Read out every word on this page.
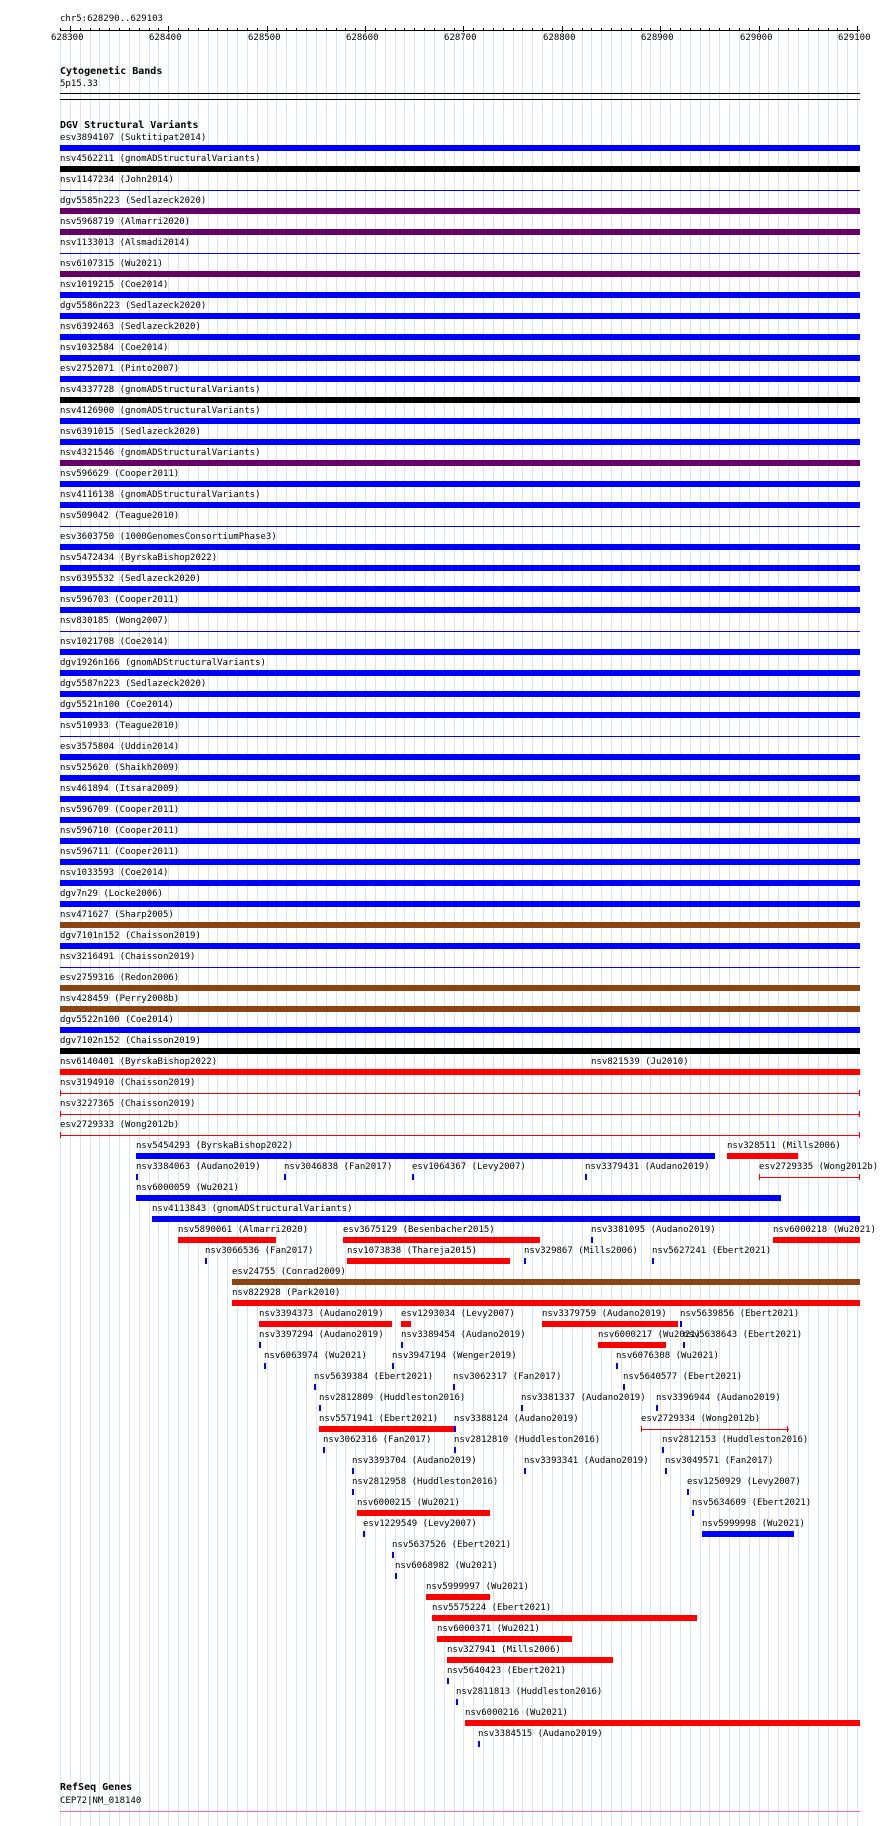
chr5:628290..629103
Cytogenetic Bands
5p15.33
DGV Structural Variants
RefSeq Genes
CEP72|NM_018140
628300	628400	628500	628600	628700	628800	628900	629000	629100
esv3894107 (Suktitipat2014)
nsv4562211 (gnomADStructuralVariants)
nsv1147234 (John2014)
dgv5585n223 (Sedlazeck2020)
nsv5968719 (Almarri2020)
nsv1133013 (Alsmadi2014)
nsv6107315 (Wu2021)
nsv1019215 (Coe2014)
dgv5586n223 (Sedlazeck2020)
nsv6392463 (Sedlazeck2020)
nsv1032584 (Coe2014)
esv2752071 (Pinto2007)
nsv4337728 (gnomADStructuralVariants)
nsv4126900 (gnomADStructuralVariants)
nsv6391015 (Sedlazeck2020)
nsv4321546 (gnomADStructuralVariants)
nsv596629 (Cooper2011)
nsv4116138 (gnomADStructuralVariants)
nsv509042 (Teague2010)
esv3603750 (1000GenomesConsortiumPhase3)
nsv5472434 (ByrskaBishop2022)
nsv6395532 (Sedlazeck2020)
nsv596703 (Cooper2011)
nsv830185 (Wong2007)
nsv1021708 (Coe2014)
dgv1926n166 (gnomADStructuralVariants)
dgv5587n223 (Sedlazeck2020)
dgv5521n100 (Coe2014)
nsv510933 (Teague2010)
esv3575804 (Uddin2014)
nsv525620 (Shaikh2009)
nsv461894 (Itsara2009)
nsv596709 (Cooper2011)
nsv596710 (Cooper2011)
nsv596711 (Cooper2011)
nsv1033593 (Coe2014)
dgv7n29 (Locke2006)
nsv471627 (Sharp2005)
dgv7101n152 (Chaisson2019)
nsv3216491 (Chaisson2019)
esv2759316 (Redon2006)
nsv428459 (Perry2008b)
dgv5522n100 (Coe2014)
dgv7102n152 (Chaisson2019)
nsv6140401 (ByrskaBishop2022)	nsv821539 (Ju2010)
nsv3194910 (Chaisson2019)
nsv3227365 (Chaisson2019)
esv2729333 (Wong2012b)
nsv5454293 (ByrskaBishop2022)	nsv328511 (Mills2006)
nsv3384063 (Audano2019)	nsv3046838 (Fan2017) esv1064367 (Levy2007)	nsv3379431 (Audano2019)	esv2729335 (Wong2012b)
nsv6000059 (Wu2021)
nsv4113843 (gnomADStructuralVariants)
nsv5890061 (Almarri2020)	esv3675129 (Besenbacher2015)	nsv3381095 (Audano2019)	nsv6000218 (Wu2021)
nsv3066536 (Fan2017)	nsv1073838 (Thareja2015)	nsv329867 (Mills2006) nsv5627241 (Ebert2021)
esv24755 (Conrad2009)
nsv822928 (Park2010)
nsv3394373 (Audano2019) esv1293034 (Levy2007)	nsv3379759 (Audano2019) nsv5639856 (Ebert2021)
nsv3397294 (Audano2019) nsv3389454 (Audano2019)	nsv6000217 (Wu2021)
nsv5638643 (Ebert2021)
nsv6063974 (Wu2021)	nsv3947194 (Wenger2019)	nsv6076308 (Wu2021)
nsv5639384 (Ebert2021) nsv3062317 (Fan2017)	nsv5640577 (Ebert2021)
nsv2812809 (Huddleston2016)	nsv3381337 (Audano2019) nsv3396944 (Audano2019)
nsv5571941 (Ebert2021) nsv3388124 (Audano2019)	esv2729334 (Wong2012b)
nsv3062316 (Fan2017)	nsv2812810 (Huddleston2016)	nsv2812153 (Huddleston2016)
nsv3393704 (Audano2019)	nsv3393341 (Audano2019) nsv3049571 (Fan2017)
nsv2812958 (Huddleston2016)	esv1250929 (Levy2007)
nsv6000215 (Wu2021)	nsv5634609 (Ebert2021)
esv1229549 (Levy2007)	nsv5999998 (Wu2021)
nsv5637526 (Ebert2021)
nsv6068982 (Wu2021)
nsv5999997 (Wu2021)
nsv5575224 (Ebert2021)
nsv6000371 (Wu2021)
nsv327941 (Mills2006)
nsv5640423 (Ebert2021)
nsv2811813 (Huddleston2016)
nsv6000216 (Wu2021)
nsv3384515 (Audano2019)
